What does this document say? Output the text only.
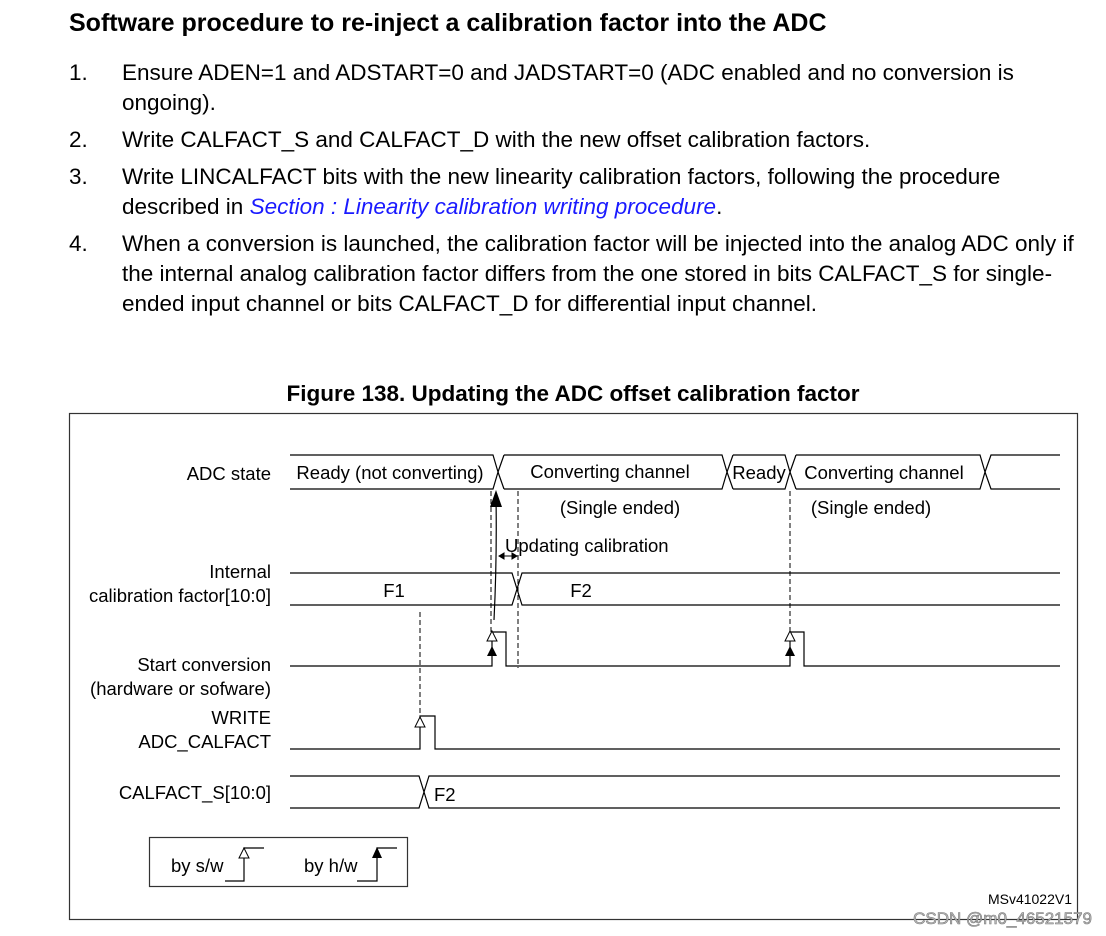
Software procedure to re-inject a calibration factor into the ADC
1. Ensure ADEN=1 and ADSTART=0 and JADSTART=0 (ADC enabled and no conversion is ongoing).
2. Write CALFACT_S and CALFACT_D with the new offset calibration factors.
3. Write LINCALFACT bits with the new linearity calibration factors, following the procedure described in Section : Linearity calibration writing procedure.
4. When a conversion is launched, the calibration factor will be injected into the analog ADC only if the internal analog calibration factor differs from the one stored in bits CALFACT_S for single-ended input channel or bits CALFACT_D for differential input channel.
Figure 138. Updating the ADC offset calibration factor
ADC state
Internal
calibration factor[10:0]
Start conversion
(hardware or sofware)
WRITE
ADC_CALFACT
CALFACT_S[10:0]
Ready (not converting)	Converting channel
(Single ended)
Ready Converting channel
(Single ended)
F1	F2
F2
Updating calibration
by s/w	by h/w
MSv41022V1
CSDN @m0_46521579
